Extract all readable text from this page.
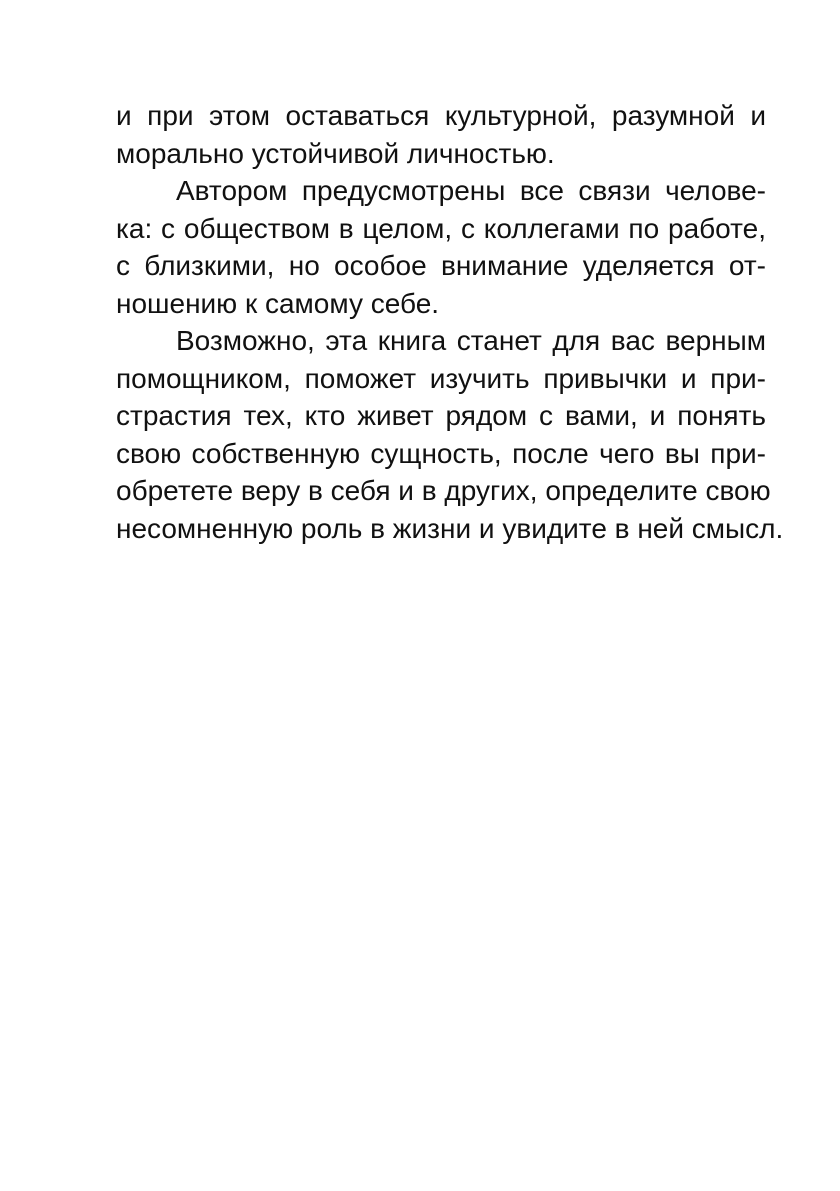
и при этом оставаться культурной, разумной и
морально устойчивой личностью.

Автором предусмотрены все связи челове-
ка: с обществом в целом, с коллегами по работе,
с близкими, но особое внимание уделяется от-
ношению к самому себе.

Возможно, эта книга станет для вас верным
помощником, поможет изучить привычки и при-
страстия тех, кто живет рядом с вами, и понять
свою собственную сущность, после чего вы при-
обретете веру в себя и в других, определите свою
несомненную роль в жизни и увидите в ней смысл.
